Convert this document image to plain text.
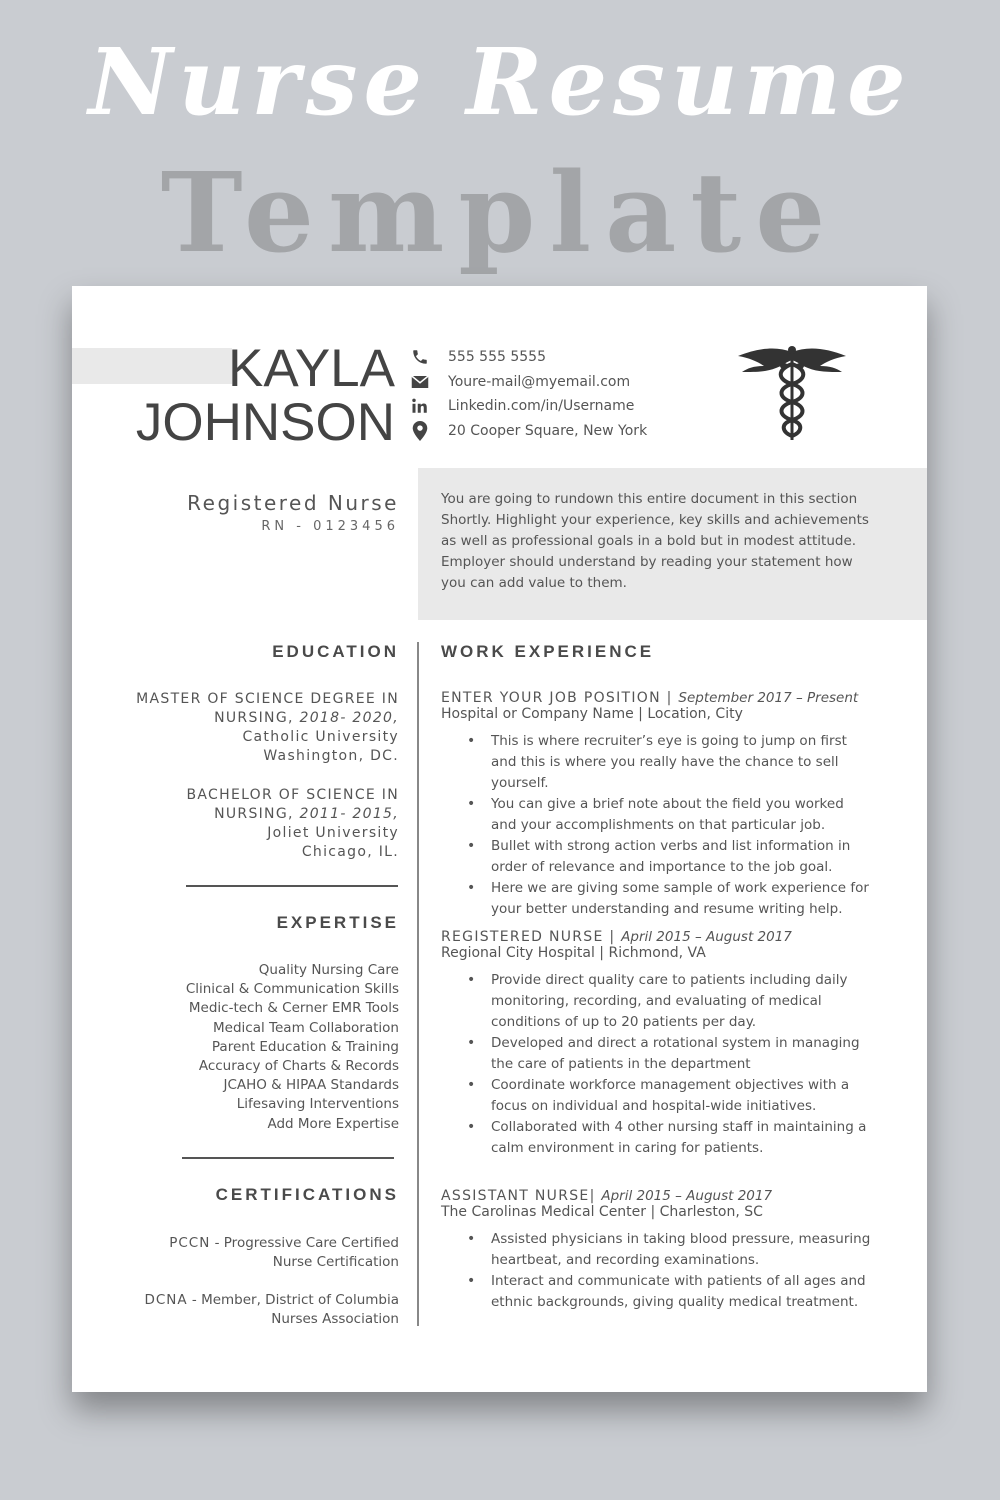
Nurse Resume
Template
KAYLA
JOHNSON
555 555 5555
Youre-mail@myemail.com
Linkedin.com/in/Username
20 Cooper Square, New York
Registered Nurse
RN - 0123456
You are going to rundown this entire document in this section Shortly. Highlight your experience, key skills and achievements as well as professional goals in a bold but in modest attitude. Employer should understand by reading your statement how you can add value to them.
EDUCATION
MASTER OF SCIENCE DEGREE IN
NURSING, 2018- 2020,
Catholic University
Washington, DC.
BACHELOR OF SCIENCE IN
NURSING, 2011- 2015,
Joliet University
Chicago, IL.
EXPERTISE
Quality Nursing Care
Clinical & Communication Skills
Medic-tech & Cerner EMR Tools
Medical Team Collaboration
Parent Education & Training
Accuracy of Charts & Records
JCAHO & HIPAA Standards
Lifesaving Interventions
Add More Expertise
CERTIFICATIONS
PCCN - Progressive Care Certified
Nurse Certification
DCNA - Member, District of Columbia
Nurses Association
WORK EXPERIENCE
ENTER YOUR JOB POSITION | September 2017 – Present
Hospital or Company Name | Location, City
• This is where recruiter’s eye is going to jump on first and this is where you really have the chance to sell yourself.
• You can give a brief note about the field you worked and your accomplishments on that particular job.
• Bullet with strong action verbs and list information in order of relevance and importance to the job goal.
• Here we are giving some sample of work experience for your better understanding and resume writing help.
REGISTERED NURSE | April 2015 – August 2017
Regional City Hospital | Richmond, VA
• Provide direct quality care to patients including daily monitoring, recording, and evaluating of medical conditions of up to 20 patients per day.
• Developed and direct a rotational system in managing the care of patients in the department
• Coordinate workforce management objectives with a focus on individual and hospital-wide initiatives.
• Collaborated with 4 other nursing staff in maintaining a calm environment in caring for patients.
ASSISTANT NURSE| April 2015 – August 2017
The Carolinas Medical Center | Charleston, SC
• Assisted physicians in taking blood pressure, measuring heartbeat, and recording examinations.
• Interact and communicate with patients of all ages and ethnic backgrounds, giving quality medical treatment.
